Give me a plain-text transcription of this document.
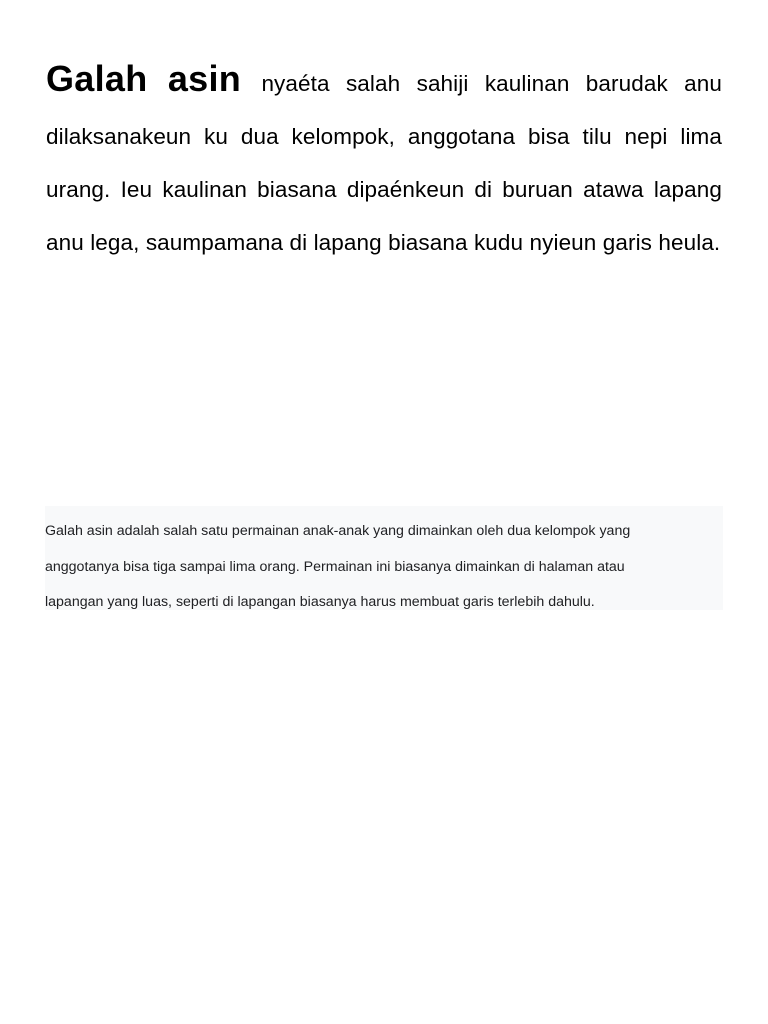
Galah asin nyaéta salah sahiji kaulinan barudak anu dilaksanakeun ku dua kelompok, anggotana bisa tilu nepi lima urang. Ieu kaulinan biasana dipaénkeun di buruan atawa lapang anu lega, saumpamana di lapang biasana kudu nyieun garis heula.

Galah asin adalah salah satu permainan anak-anak yang dimainkan oleh dua kelompok yang

anggotanya bisa tiga sampai lima orang. Permainan ini biasanya dimainkan di halaman atau

lapangan yang luas, seperti di lapangan biasanya harus membuat garis terlebih dahulu.
